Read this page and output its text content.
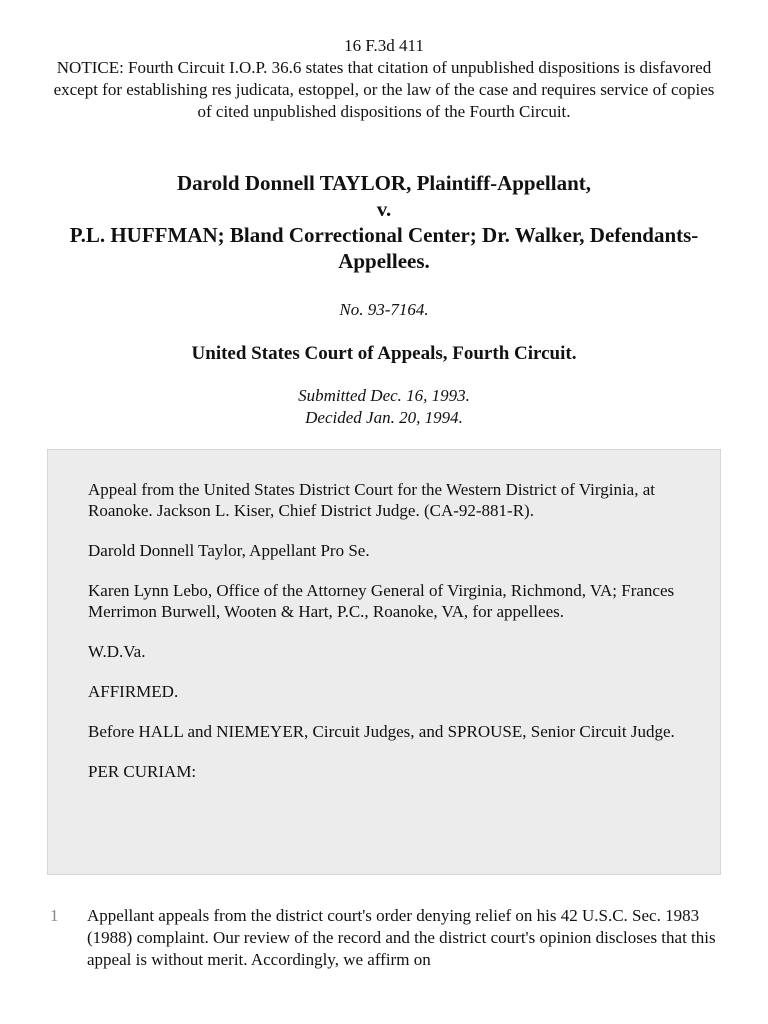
16 F.3d 411
NOTICE: Fourth Circuit I.O.P. 36.6 states that citation of unpublished dispositions is disfavored except for establishing res judicata, estoppel, or the law of the case and requires service of copies of cited unpublished dispositions of the Fourth Circuit.
Darold Donnell TAYLOR, Plaintiff-Appellant,
v.
P.L. HUFFMAN; Bland Correctional Center; Dr. Walker, Defendants-Appellees.
No. 93-7164.
United States Court of Appeals, Fourth Circuit.
Submitted Dec. 16, 1993.
Decided Jan. 20, 1994.

Appeal from the United States District Court for the Western District of Virginia, at Roanoke. Jackson L. Kiser, Chief District Judge. (CA-92-881-R).

Darold Donnell Taylor, Appellant Pro Se.

Karen Lynn Lebo, Office of the Attorney General of Virginia, Richmond, VA; Frances Merrimon Burwell, Wooten & Hart, P.C., Roanoke, VA, for appellees.

W.D.Va.

AFFIRMED.

Before HALL and NIEMEYER, Circuit Judges, and SPROUSE, Senior Circuit Judge.

PER CURIAM:

1	Appellant appeals from the district court's order denying relief on his 42 U.S.C. Sec. 1983 (1988) complaint. Our review of the record and the district court's opinion discloses that this appeal is without merit. Accordingly, we affirm on
